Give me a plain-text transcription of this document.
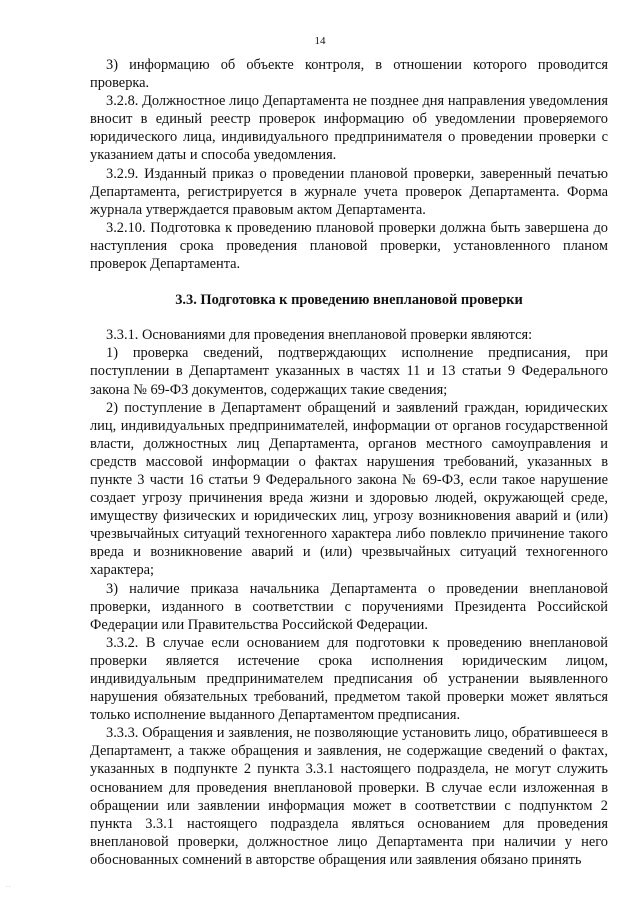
14

3) информацию об объекте контроля, в отношении которого проводится проверка.

3.2.8. Должностное лицо Департамента не позднее дня направления уведомления вносит в единый реестр проверок информацию об уведомлении проверяемого юридического лица, индивидуального предпринимателя о проведении проверки с указанием даты и способа уведомления.

3.2.9. Изданный приказ о проведении плановой проверки, заверенный печатью Департамента, регистрируется в журнале учета проверок Департамента. Форма журнала утверждается правовым актом Департамента.

3.2.10. Подготовка к проведению плановой проверки должна быть завершена до наступления срока проведения плановой проверки, установленного планом проверок Департамента.

3.3. Подготовка к проведению внеплановой проверки

3.3.1. Основаниями для проведения внеплановой проверки являются:

1) проверка сведений, подтверждающих исполнение предписания, при поступлении в Департамент указанных в частях 11 и 13 статьи 9 Федерального закона № 69-ФЗ документов, содержащих такие сведения;

2) поступление в Департамент обращений и заявлений граждан, юридических лиц, индивидуальных предпринимателей, информации от органов государственной власти, должностных лиц Департамента, органов местного самоуправления и средств массовой информации о фактах нарушения требований, указанных в пункте 3 части 16 статьи 9 Федерального закона № 69-ФЗ, если такое нарушение создает угрозу причинения вреда жизни и здоровью людей, окружающей среде, имуществу физических и юридических лиц, угрозу возникновения аварий и (или) чрезвычайных ситуаций техногенного характера либо повлекло причинение такого вреда и возникновение аварий и (или) чрезвычайных ситуаций техногенного характера;

3) наличие приказа начальника Департамента о проведении внеплановой проверки, изданного в соответствии с поручениями Президента Российской Федерации или Правительства Российской Федерации.

3.3.2. В случае если основанием для подготовки к проведению внеплановой проверки является истечение срока исполнения юридическим лицом, индивидуальным предпринимателем предписания об устранении выявленного нарушения обязательных требований, предметом такой проверки может являться только исполнение выданного Департаментом предписания.

3.3.3. Обращения и заявления, не позволяющие установить лицо, обратившееся в Департамент, а также обращения и заявления, не содержащие сведений о фактах, указанных в подпункте 2 пункта 3.3.1 настоящего подраздела, не могут служить основанием для проведения внеплановой проверки. В случае если изложенная в обращении или заявлении информация может в соответствии с подпунктом 2 пункта 3.3.1 настоящего подраздела являться основанием для проведения внеплановой проверки, должностное лицо Департамента при наличии у него обоснованных сомнений в авторстве обращения или заявления обязано принять

. .
